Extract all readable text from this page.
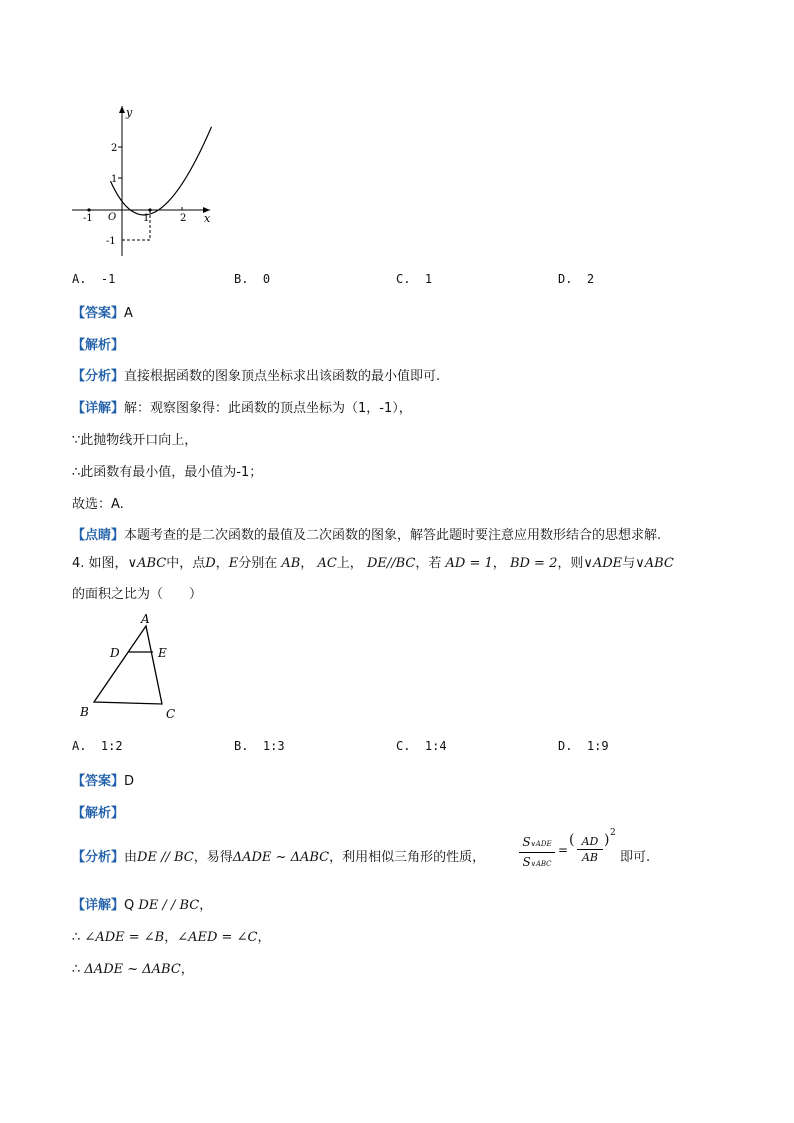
y
x
O
-1	1	2
2
1
-1
A. -1	B. 0	C. 1	D. 2
【答案】A
【解析】
【分析】直接根据函数的图象顶点坐标求出该函数的最小值即可.
【详解】解：观察图象得：此函数的顶点坐标为（1，-1），
∵此抛物线开口向上，
∴此函数有最小值，最小值为-1；
故选：A.
【点睛】本题考查的是二次函数的最值及二次函数的图象，解答此题时要注意应用数形结合的思想求解.
4. 如图，∨ABC中，点D，E分别在 AB， AC上， DE//BC，若 AD = 1， BD = 2，则∨ADE与∨ABC
的面积之比为（　　）
A
D	E
B	C
A. 1:2	B. 1:3	C. 1:4	D. 1:9
【答案】D
【解析】
【分析】由DE // BC，易得ΔADE ~ ΔABC，利用相似三角形的性质，
S∨ADE
S∨ABC
=
( $\frac{AD}{AB}$ ) 2
即可.
【详解】Q DE / / BC，
∴ ∠ADE = ∠B，∠AED = ∠C，
∴ ΔADE ~ ΔABC，
